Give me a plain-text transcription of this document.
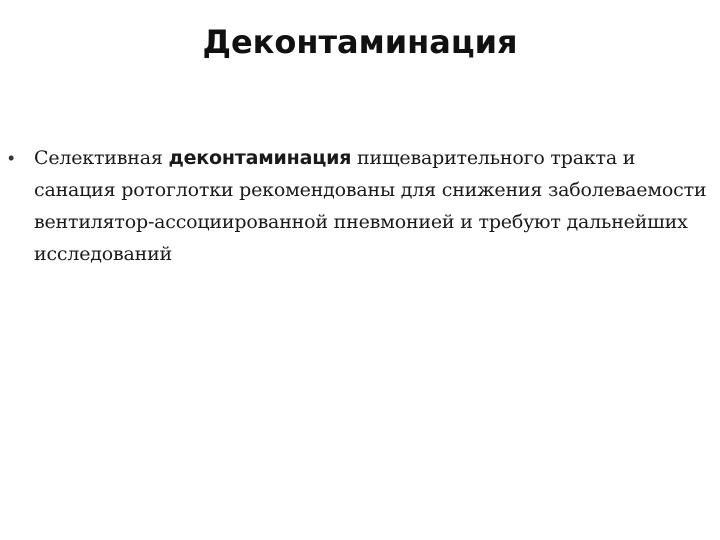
Деконтаминация
• Селективная деконтаминация пищеварительного тракта и санация ротоглотки рекомендованы для снижения заболеваемости вентилятор-ассоциированной пневмонией и требуют дальнейших исследований
